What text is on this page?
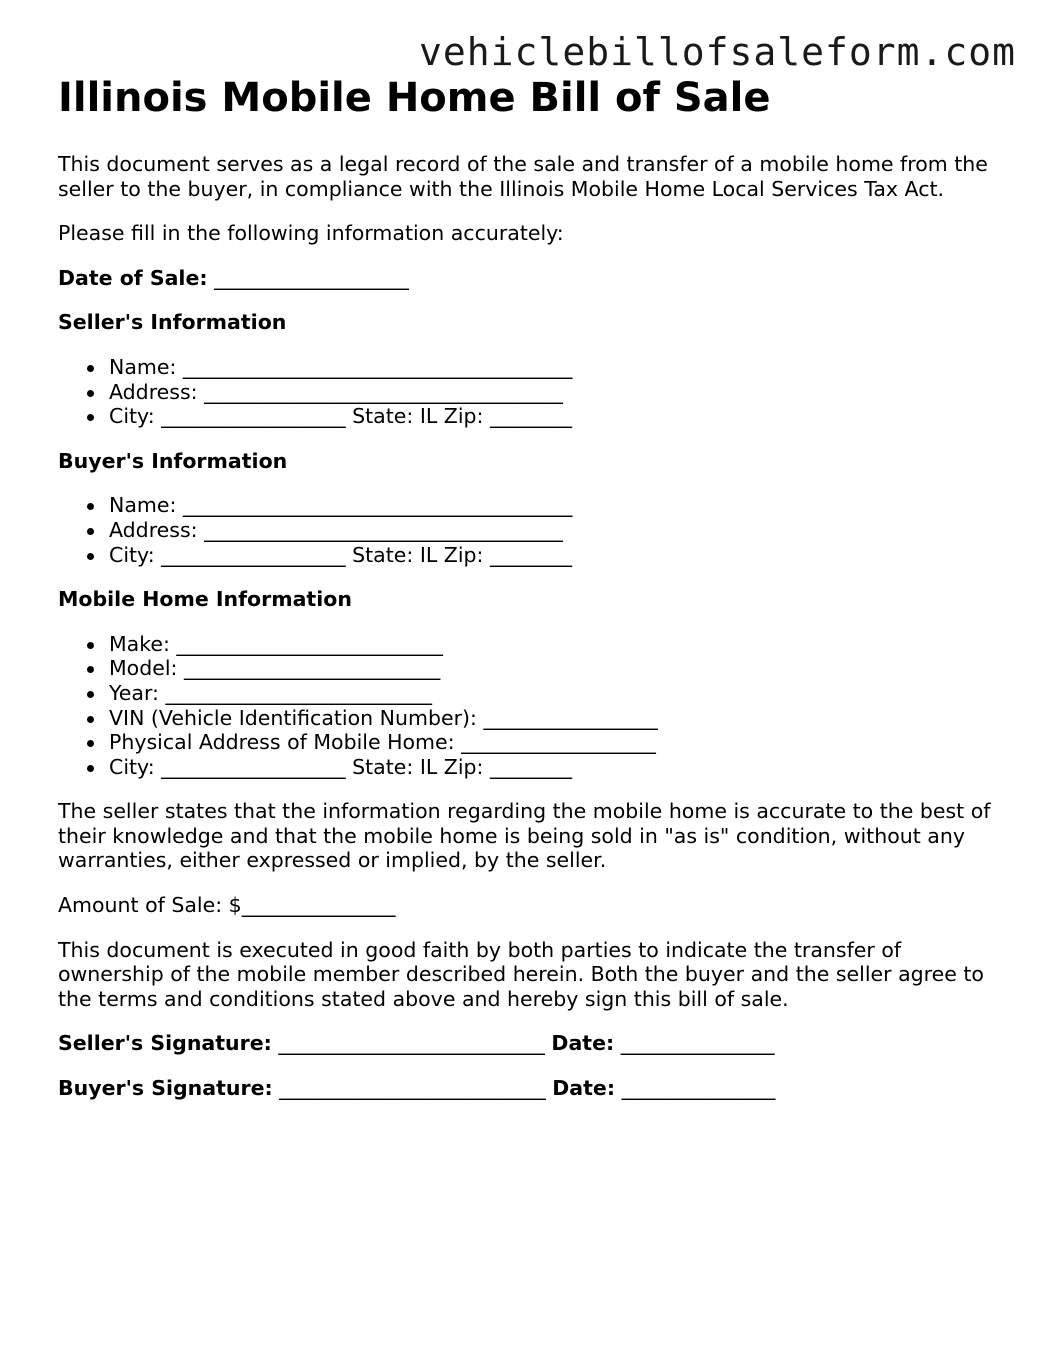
vehiclebillofsaleform.com
Illinois Mobile Home Bill of Sale

This document serves as a legal record of the sale and transfer of a mobile home from the seller to the buyer, in compliance with the Illinois Mobile Home Local Services Tax Act.

Please fill in the following information accurately:

Date of Sale: ___________________

Seller's Information

Name: ______________________________________
Address: ___________________________________
City: __________________ State: IL Zip: ________

Buyer's Information

Name: ______________________________________
Address: ___________________________________
City: __________________ State: IL Zip: ________

Mobile Home Information

Make: __________________________
Model: _________________________
Year: __________________________
VIN (Vehicle Identification Number): _________________
Physical Address of Mobile Home: ___________________
City: __________________ State: IL Zip: ________

The seller states that the information regarding the mobile home is accurate to the best of their knowledge and that the mobile home is being sold in "as is" condition, without any warranties, either expressed or implied, by the seller.

Amount of Sale: $_______________

This document is executed in good faith by both parties to indicate the transfer of ownership of the mobile member described herein. Both the buyer and the seller agree to the terms and conditions stated above and hereby sign this bill of sale.

Seller's Signature: __________________________ Date: _______________

Buyer's Signature: __________________________ Date: _______________
